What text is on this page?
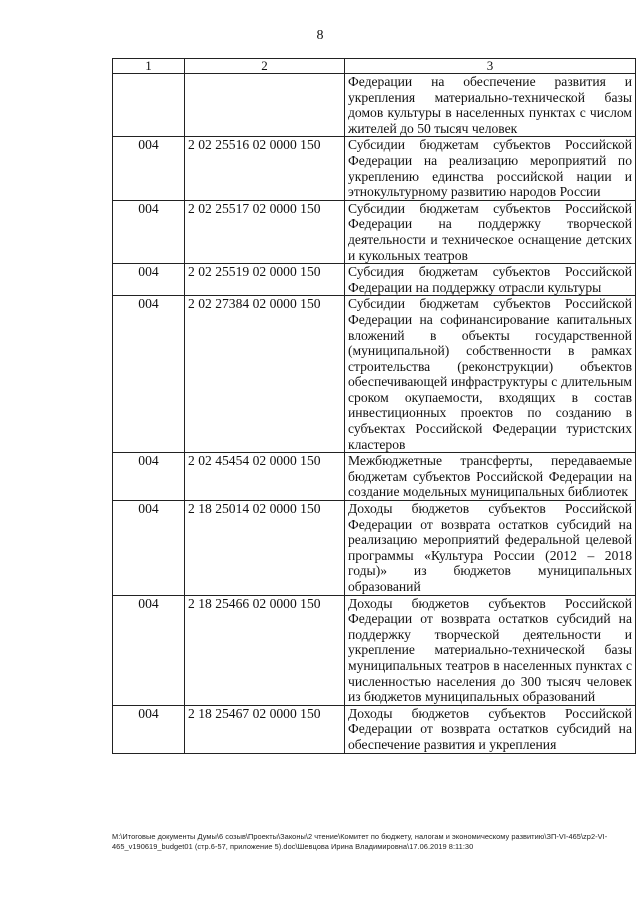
8
1	2	3
		Федерации на обеспечение развития и укрепления материально-технической базы домов культуры в населенных пунктах с числом жителей до 50 тысяч человек
004	2 02 25516 02 0000 150	Субсидии бюджетам субъектов Российской Федерации на реализацию мероприятий по укреплению единства российской нации и этнокультурному развитию народов России
004	2 02 25517 02 0000 150	Субсидии бюджетам субъектов Российской Федерации на поддержку творческой деятельности и техническое оснащение детских и кукольных театров
004	2 02 25519 02 0000 150	Субсидия бюджетам субъектов Российской Федерации на поддержку отрасли культуры
004	2 02 27384 02 0000 150	Субсидии бюджетам субъектов Российской Федерации на софинансирование капитальных вложений в объекты государственной (муниципальной) собственности в рамках строительства (реконструкции) объектов обеспечивающей инфраструктуры с длительным сроком окупаемости, входящих в состав инвестиционных проектов по созданию в субъектах Российской Федерации туристских кластеров
004	2 02 45454 02 0000 150	Межбюджетные трансферты, передаваемые бюджетам субъектов Российской Федерации на создание модельных муниципальных библиотек
004	2 18 25014 02 0000 150	Доходы бюджетов субъектов Российской Федерации от возврата остатков субсидий на реализацию мероприятий федеральной целевой программы «Культура России (2012 – 2018 годы)» из бюджетов муниципальных образований
004	2 18 25466 02 0000 150	Доходы бюджетов субъектов Российской Федерации от возврата остатков субсидий на поддержку творческой деятельности и укрепление материально-технической базы муниципальных театров в населенных пунктах с численностью населения до 300 тысяч человек из бюджетов муниципальных образований
004	2 18 25467 02 0000 150	Доходы бюджетов субъектов Российской Федерации от возврата остатков субсидий на обеспечение развития и укрепления
M:\Итоговые документы Думы\6 созыв\Проекты\Законы\2 чтение\Комитет по бюджету, налогам и экономическому развитию\ЗП-VI-465\zp2-VI-465_v190619_budget01 (стр.6-57, приложение 5).doc\Шевцова Ирина Владимировна\17.06.2019 8:11:30
